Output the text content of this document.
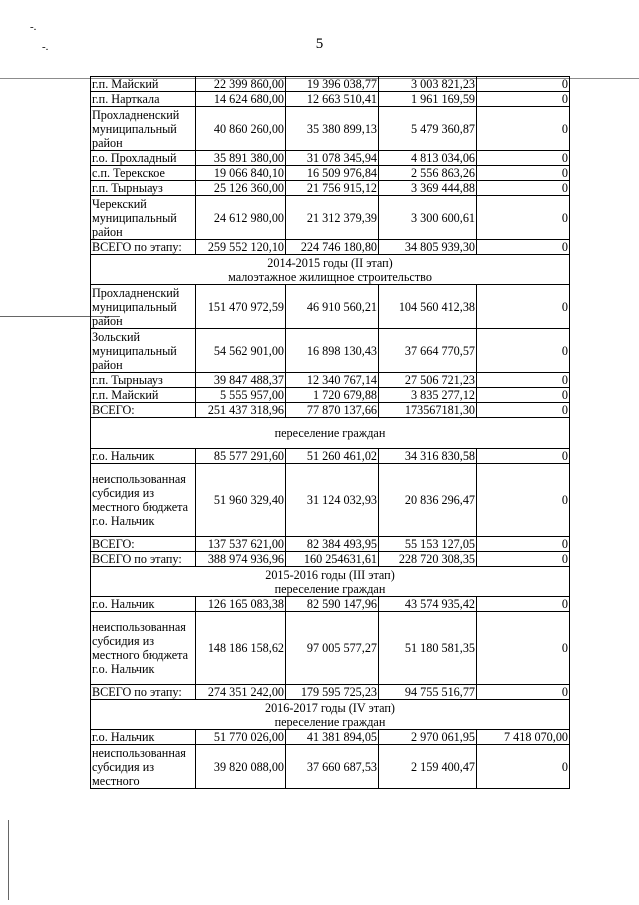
5
-.
-.
г.п. Майский	22 399 860,00	19 396 038,77	3 003 821,23	0
г.п. Нарткала	14 624 680,00	12 663 510,41	1 961 169,59	0
Прохладненский муниципальный район	40 860 260,00	35 380 899,13	5 479 360,87	0
г.о. Прохладный	35 891 380,00	31 078 345,94	4 813 034,06	0
с.п. Терекское	19 066 840,10	16 509 976,84	2 556 863,26	0
г.п. Тырныауз	25 126 360,00	21 756 915,12	3 369 444,88	0
Черекский муниципальный район	24 612 980,00	21 312 379,39	3 300 600,61	0
ВСЕГО по этапу:	259 552 120,10	224 746 180,80	34 805 939,30	0

2014-2015 годы (II этап)
малоэтажное жилищное строительство				

Прохладненский муниципальный район	151 470 972,59	46 910 560,21	104 560 412,38	0
Зольский муниципальный район	54 562 901,00	16 898 130,43	37 664 770,57	0
г.п. Тырныауз	39 847 488,37	12 340 767,14	27 506 721,23	0
г.п. Майский	5 555 957,00	1 720 679,88	3 835 277,12	0
ВСЕГО:	251 437 318,96	77 870 137,66	173567181,30	0

переселение граждан				

г.о. Нальчик	85 577 291,60	51 260 461,02	34 316 830,58	0
неиспользованная субсидия из местного бюджета г.о. Нальчик	51 960 329,40	31 124 032,93	20 836 296,47	0
ВСЕГО:	137 537 621,00	82 384 493,95	55 153 127,05	0
ВСЕГО по этапу:	388 974 936,96	160 254631,61	228 720 308,35	0

2015-2016 годы (III этап)
переселение граждан				

г.о. Нальчик	126 165 083,38	82 590 147,96	43 574 935,42	0
неиспользованная субсидия из местного бюджета г.о. Нальчик	148 186 158,62	97 005 577,27	51 180 581,35	0
ВСЕГО по этапу:	274 351 242,00	179 595 725,23	94 755 516,77	0

2016-2017 годы (IV этап)
переселение граждан				

г.о. Нальчик	51 770 026,00	41 381 894,05	2 970 061,95	7 418 070,00
неиспользованная субсидия из местного	39 820 088,00	37 660 687,53	2 159 400,47	0
